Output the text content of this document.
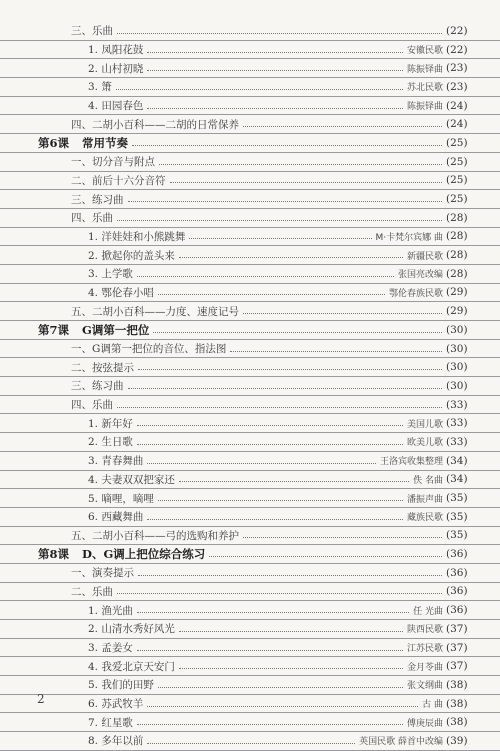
三、乐曲	(22)
1. 凤阳花鼓	安徽民歌 (22)
2. 山村初晓	陈振铎曲 (23)
3. 箫	苏北民歌 (23)
4. 田园春色	陈振铎曲 (24)
四、二胡小百科——二胡的日常保养	(24)
第6课	常用节奏	(25)
一、切分音与附点	(25)
二、前后十六分音符	(25)
三、练习曲	(25)
四、乐曲	(28)
1. 洋娃娃和小熊跳舞	M·卡梵尔宾娜 曲 (28)
2. 掀起你的盖头来	新疆民歌 (28)
3. 上学歌	张国亮改编 (28)
4. 鄂伦春小唱	鄂伦春族民歌 (29)
五、二胡小百科——力度、速度记号	(29)
第7课	G调第一把位	(30)
一、G调第一把位的音位、指法图	(30)
二、按弦提示	(30)
三、练习曲	(30)
四、乐曲	(33)
1. 新年好	美国儿歌 (33)
2. 生日歌	欧美儿歌 (33)
3. 青春舞曲	王洛宾收集整理 (34)
4. 夫妻双双把家还	佚 名曲 (34)
5. 嘀哩，嘀哩	潘振声曲 (35)
6. 西藏舞曲	藏族民歌 (35)
五、二胡小百科——弓的选购和养护	(35)
第8课	D、G调上把位综合练习	(36)
一、演奏提示	(36)
二、乐曲	(36)
1. 渔光曲	任 光曲 (36)
2. 山清水秀好风光	陕西民歌 (37)
3. 孟姜女	江苏民歌 (37)
4. 我爱北京天安门	金月苓曲 (37)
5. 我们的田野	张文纲曲 (38)
6. 苏武牧羊	古 曲 (38)
7. 红星歌	傅庚辰曲 (38)
8. 多年以前	英国民歌 薛首中改编 (39)
2
